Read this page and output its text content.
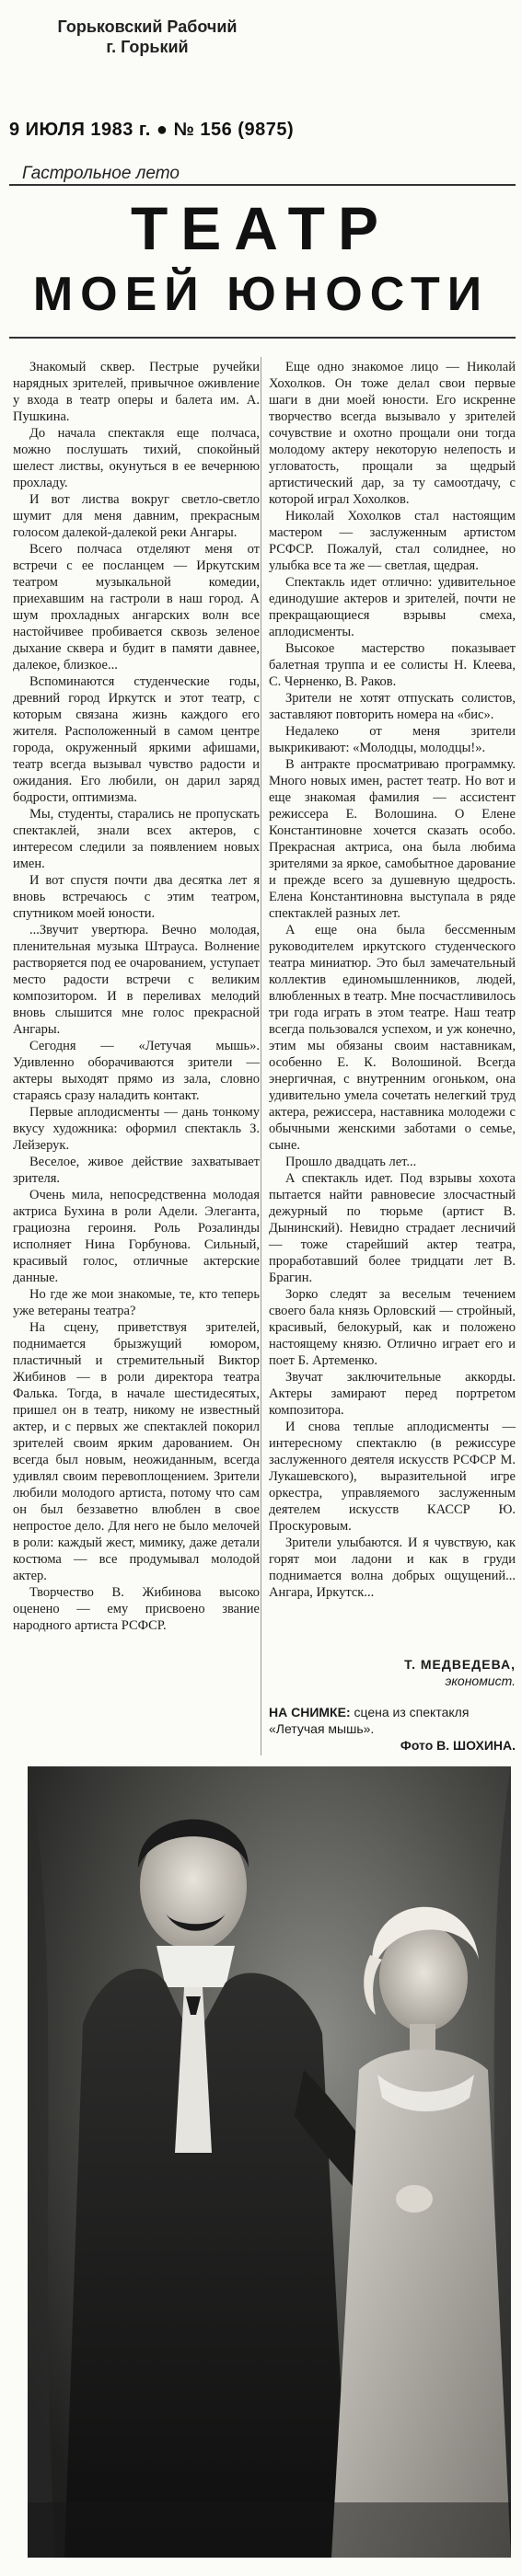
Горьковский Рабочий
г. Горький
9 ИЮЛЯ 1983 г. ● № 156 (9875)
Гастрольное лето
ТЕАТР
МОЕЙ ЮНОСТИ

Знакомый сквер. Пестрые ручейки нарядных зрителей, привычное оживление у входа в театр оперы и балета им. А. Пушкина.

До начала спектакля еще полчаса, можно послушать тихий, спокойный шелест листвы, окунуться в ее вечернюю прохладу.

И вот листва вокруг светло-светло шумит для меня давним, прекрасным голосом далекой-далекой реки Ангары.

Всего полчаса отделяют меня от встречи с ее посланцем — Иркутским театром музыкальной комедии, приехавшим на гастроли в наш город. А шум прохладных ангарских волн все настойчивее пробивается сквозь зеленое дыхание сквера и будит в памяти давнее, далекое, близкое...

Вспоминаются студенческие годы, древний город Иркутск и этот театр, с которым связана жизнь каждого его жителя. Расположенный в самом центре города, окруженный яркими афишами, театр всегда вызывал чувство радости и ожидания. Его любили, он дарил заряд бодрости, оптимизма.

Мы, студенты, старались не пропускать спектаклей, знали всех актеров, с интересом следили за появлением новых имен.

И вот спустя почти два десятка лет я вновь встречаюсь с этим театром, спутником моей юности.

...Звучит увертюра. Вечно молодая, пленительная музыка Штрауса. Волнение растворяется под ее очарованием, уступает место радости встречи с великим композитором. И в переливах мелодий вновь слышится мне голос прекрасной Ангары.

Сегодня — «Летучая мышь». Удивленно оборачиваются зрители — актеры выходят прямо из зала, словно стараясь сразу наладить контакт.

Первые аплодисменты — дань тонкому вкусу художника: оформил спектакль З. Лейзерук.

Веселое, живое действие захватывает зрителя.

Очень мила, непосредственна молодая актриса Бухина в роли Адели. Элеганта, грациозна героиня. Роль Розалинды исполняет Нина Горбунова. Сильный, красивый голос, отличные актерские данные.

Но где же мои знакомые, те, кто теперь уже ветераны театра?

На сцену, приветствуя зрителей, поднимается брызжущий юмором, пластичный и стремительный Виктор Жибинов — в роли директора театра Фалька. Тогда, в начале шестидесятых, пришел он в театр, никому не известный актер, и с первых же спектаклей покорил зрителей своим ярким дарованием. Он всегда был новым, неожиданным, всегда удивлял своим перевоплощением. Зрители любили молодого артиста, потому что сам он был беззаветно влюблен в свое непростое дело. Для него не было мелочей в роли: каждый жест, мимику, даже детали костюма — все продумывал молодой актер.

Творчество В. Жибинова высоко оценено — ему присвоено звание народного артиста РСФСР.

Еще одно знакомое лицо — Николай Хохолков. Он тоже делал свои первые шаги в дни моей юности. Его искренне творчество всегда вызывало у зрителей сочувствие и охотно прощали они тогда молодому актеру некоторую нелепость и угловатость, прощали за щедрый артистический дар, за ту самоотдачу, с которой играл Хохолков.

Николай Хохолков стал настоящим мастером — заслуженным артистом РСФСР. Пожалуй, стал солиднее, но улыбка все та же — светлая, щедрая.

Спектакль идет отлично: удивительное единодушие актеров и зрителей, почти не прекращающиеся взрывы смеха, аплодисменты.

Высокое мастерство показывает балетная труппа и ее солисты Н. Клеева, С. Черненко, В. Раков.

Зрители не хотят отпускать солистов, заставляют повторить номера на «бис».

Недалеко от меня зрители выкрикивают: «Молодцы, молодцы!».

В антракте просматриваю программку. Много новых имен, растет театр. Но вот и еще знакомая фамилия — ассистент режиссера Е. Волошина. О Елене Константиновне хочется сказать особо. Прекрасная актриса, она была любима зрителями за яркое, самобытное дарование и прежде всего за душевную щедрость. Елена Константиновна выступала в ряде спектаклей разных лет.

А еще она была бессменным руководителем иркутского студенческого театра миниатюр. Это был замечательный коллектив единомышленников, людей, влюбленных в театр. Мне посчастливилось три года играть в этом театре. Наш театр всегда пользовался успехом, и уж конечно, этим мы обязаны своим наставникам, особенно Е. К. Волошиной. Всегда энергичная, с внутренним огоньком, она удивительно умела сочетать нелегкий труд актера, режиссера, наставника молодежи с обычными женскими заботами о семье, сыне.

Прошло двадцать лет...

А спектакль идет. Под взрывы хохота пытается найти равновесие злосчастный дежурный по тюрьме (артист В. Дынинский). Невидно страдает лесничий — тоже старейший актер театра, проработавший более тридцати лет В. Брагин.

Зорко следят за веселым течением своего бала князь Орловский — стройный, красивый, белокурый, как и положено настоящему князю. Отлично играет его и поет Б. Артеменко.

Звучат заключительные аккорды. Актеры замирают перед портретом композитора.

И снова теплые аплодисменты — интересному спектаклю (в режиссуре заслуженного деятеля искусств РСФСР М. Лукашевского), выразительной игре оркестра, управляемого заслуженным деятелем искусств КАССР Ю. Проскуровым.

Зрители улыбаются. И я чувствую, как горят мои ладони и как в груди поднимается волна добрых ощущений... Ангара, Иркутск...

Т. МЕДВЕДЕВА,
экономист.
НА СНИМКЕ: сцена из спектакля «Летучая мышь».
Фото В. ШОХИНА.
